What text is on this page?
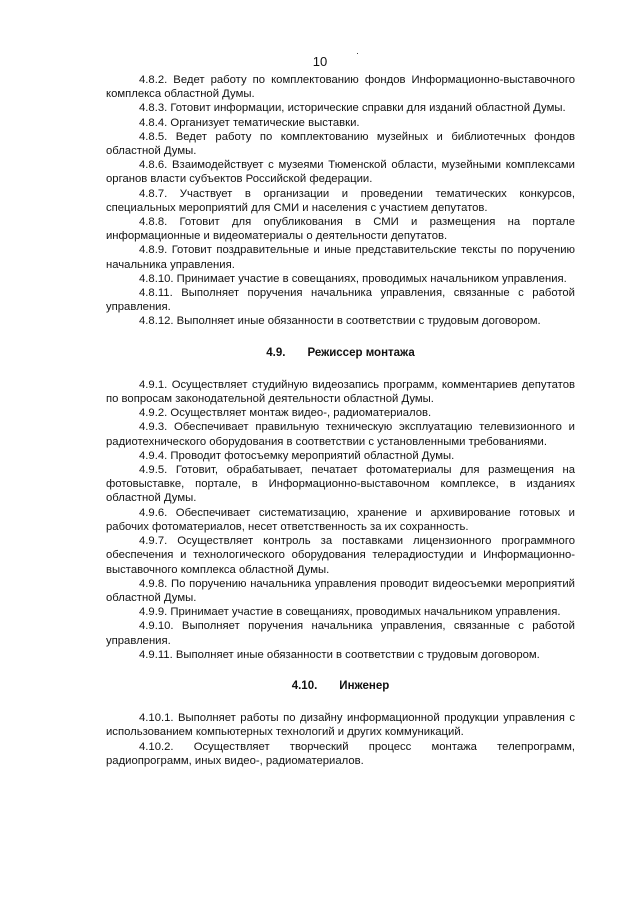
·
10

4.8.2. Ведет работу по комплектованию фондов Информационно-выставочного комплекса областной Думы.

4.8.3. Готовит информации, исторические справки для изданий областной Думы.

4.8.4. Организует тематические выставки.

4.8.5. Ведет работу по комплектованию музейных и библиотечных фондов областной Думы.

4.8.6. Взаимодействует с музеями Тюменской области, музейными комплексами органов власти субъектов Российской федерации.

4.8.7. Участвует в организации и проведении тематических конкурсов, специальных мероприятий для СМИ и населения с участием депутатов.

4.8.8. Готовит для опубликования в СМИ и размещения на портале информационные и видеоматериалы о деятельности депутатов.

4.8.9. Готовит поздравительные и иные представительские тексты по поручению начальника управления.

4.8.10. Принимает участие в совещаниях, проводимых начальником управления.

4.8.11. Выполняет поручения начальника управления, связанные с работой управления.

4.8.12. Выполняет иные обязанности в соответствии с трудовым договором.

4.9. Режиссер монтажа

4.9.1. Осуществляет студийную видеозапись программ, комментариев депутатов по вопросам законодательной деятельности областной Думы.

4.9.2. Осуществляет монтаж видео-, радиоматериалов.

4.9.3. Обеспечивает правильную техническую эксплуатацию телевизионного и радиотехнического оборудования в соответствии с установленными требованиями.

4.9.4. Проводит фотосъемку мероприятий областной Думы.

4.9.5. Готовит, обрабатывает, печатает фотоматериалы для размещения на фотовыставке, портале, в Информационно-выставочном комплексе, в изданиях областной Думы.

4.9.6. Обеспечивает систематизацию, хранение и архивирование готовых и рабочих фотоматериалов, несет ответственность за их сохранность.

4.9.7. Осуществляет контроль за поставками лицензионного программного обеспечения и технологического оборудования телерадиостудии и Информационно-выставочного комплекса областной Думы.

4.9.8. По поручению начальника управления проводит видеосъемки мероприятий областной Думы.

4.9.9. Принимает участие в совещаниях, проводимых начальником управления.

4.9.10. Выполняет поручения начальника управления, связанные с работой управления.

4.9.11. Выполняет иные обязанности в соответствии с трудовым договором.

4.10. Инженер

4.10.1. Выполняет работы по дизайну информационной продукции управления с использованием компьютерных технологий и других коммуникаций.

4.10.2. Осуществляет творческий процесс монтажа телепрограмм, радиопрограмм, иных видео-, радиоматериалов.
